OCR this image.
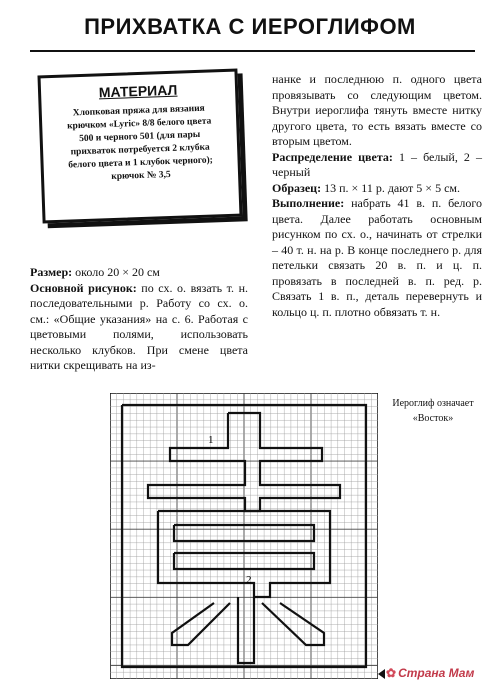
ПРИХВАТКА С ИЕРОГЛИФОМ
МАТЕРИАЛ
Хлопковая пряжа для вязания
крючком «Lyric» 8/8 белого цвета
500 и черного 501 (для пары
прихваток потребуется 2 клубка
белого цвета и 1 клубок черного);
крючок № 3,5

Размер: около 20 × 20 см

Основной рисунок: по сх. о. вязать т. н. последовательными р. Работу со сх. о. см.: «Общие указания» на с. 6. Работая с цветовыми полями, использовать несколько клубков. При смене цвета нитки скрещивать на из-

нанке и последнюю п. одного цвета провязывать со следующим цветом. Внутри иероглифа тянуть вместе нитку другого цвета, то есть вязать вместе со вторым цветом.

Распределение цвета: 1 – белый, 2 – черный

Образец: 13 п. × 11 р. дают 5 × 5 см.

Выполнение: набрать 41 в. п. белого цвета. Далее работать основным рисунком по сх. о., начинать от стрелки – 40 т. н. на р. В конце последнего р. для петельки связать 20 в. п. и ц. п. провязать в последней в. п. ред. р. Связать 1 в. п., деталь перевернуть и кольцо ц. п. плотно обвязать т. н.

1
2
Иероглиф означает «Восток»
✿ Страна Мам
